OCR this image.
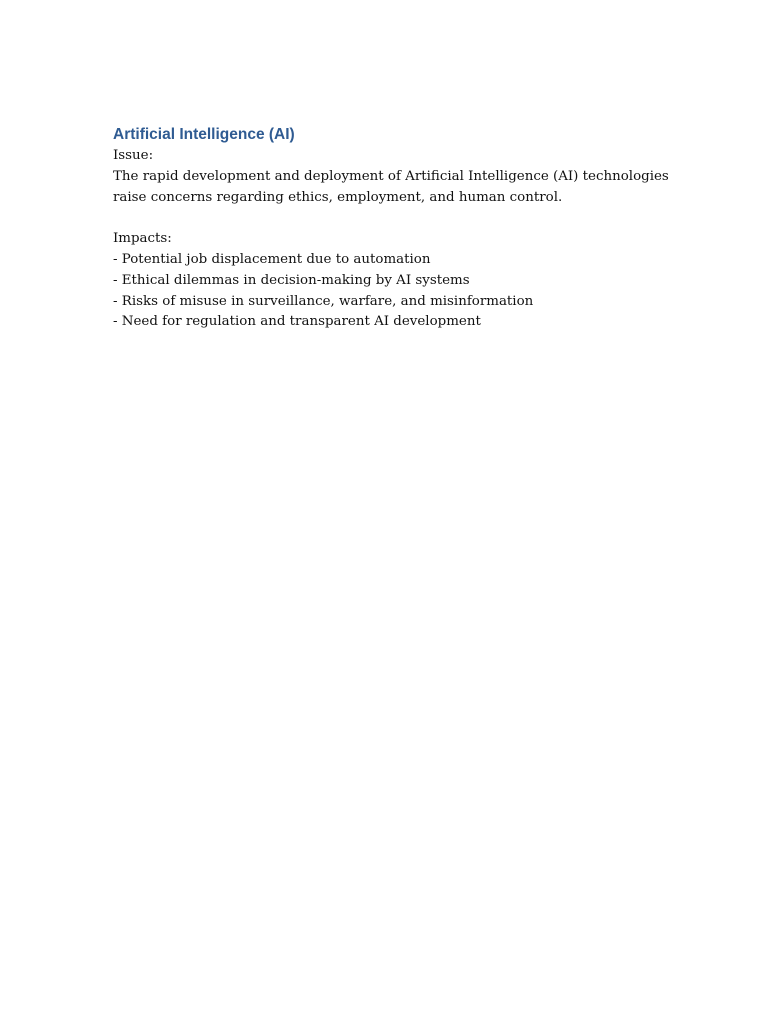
Artificial Intelligence (AI)

Issue:

The rapid development and deployment of Artificial Intelligence (AI) technologies

raise concerns regarding ethics, employment, and human control.

Impacts:

- Potential job displacement due to automation
- Ethical dilemmas in decision-making by AI systems
- Risks of misuse in surveillance, warfare, and misinformation
- Need for regulation and transparent AI development
